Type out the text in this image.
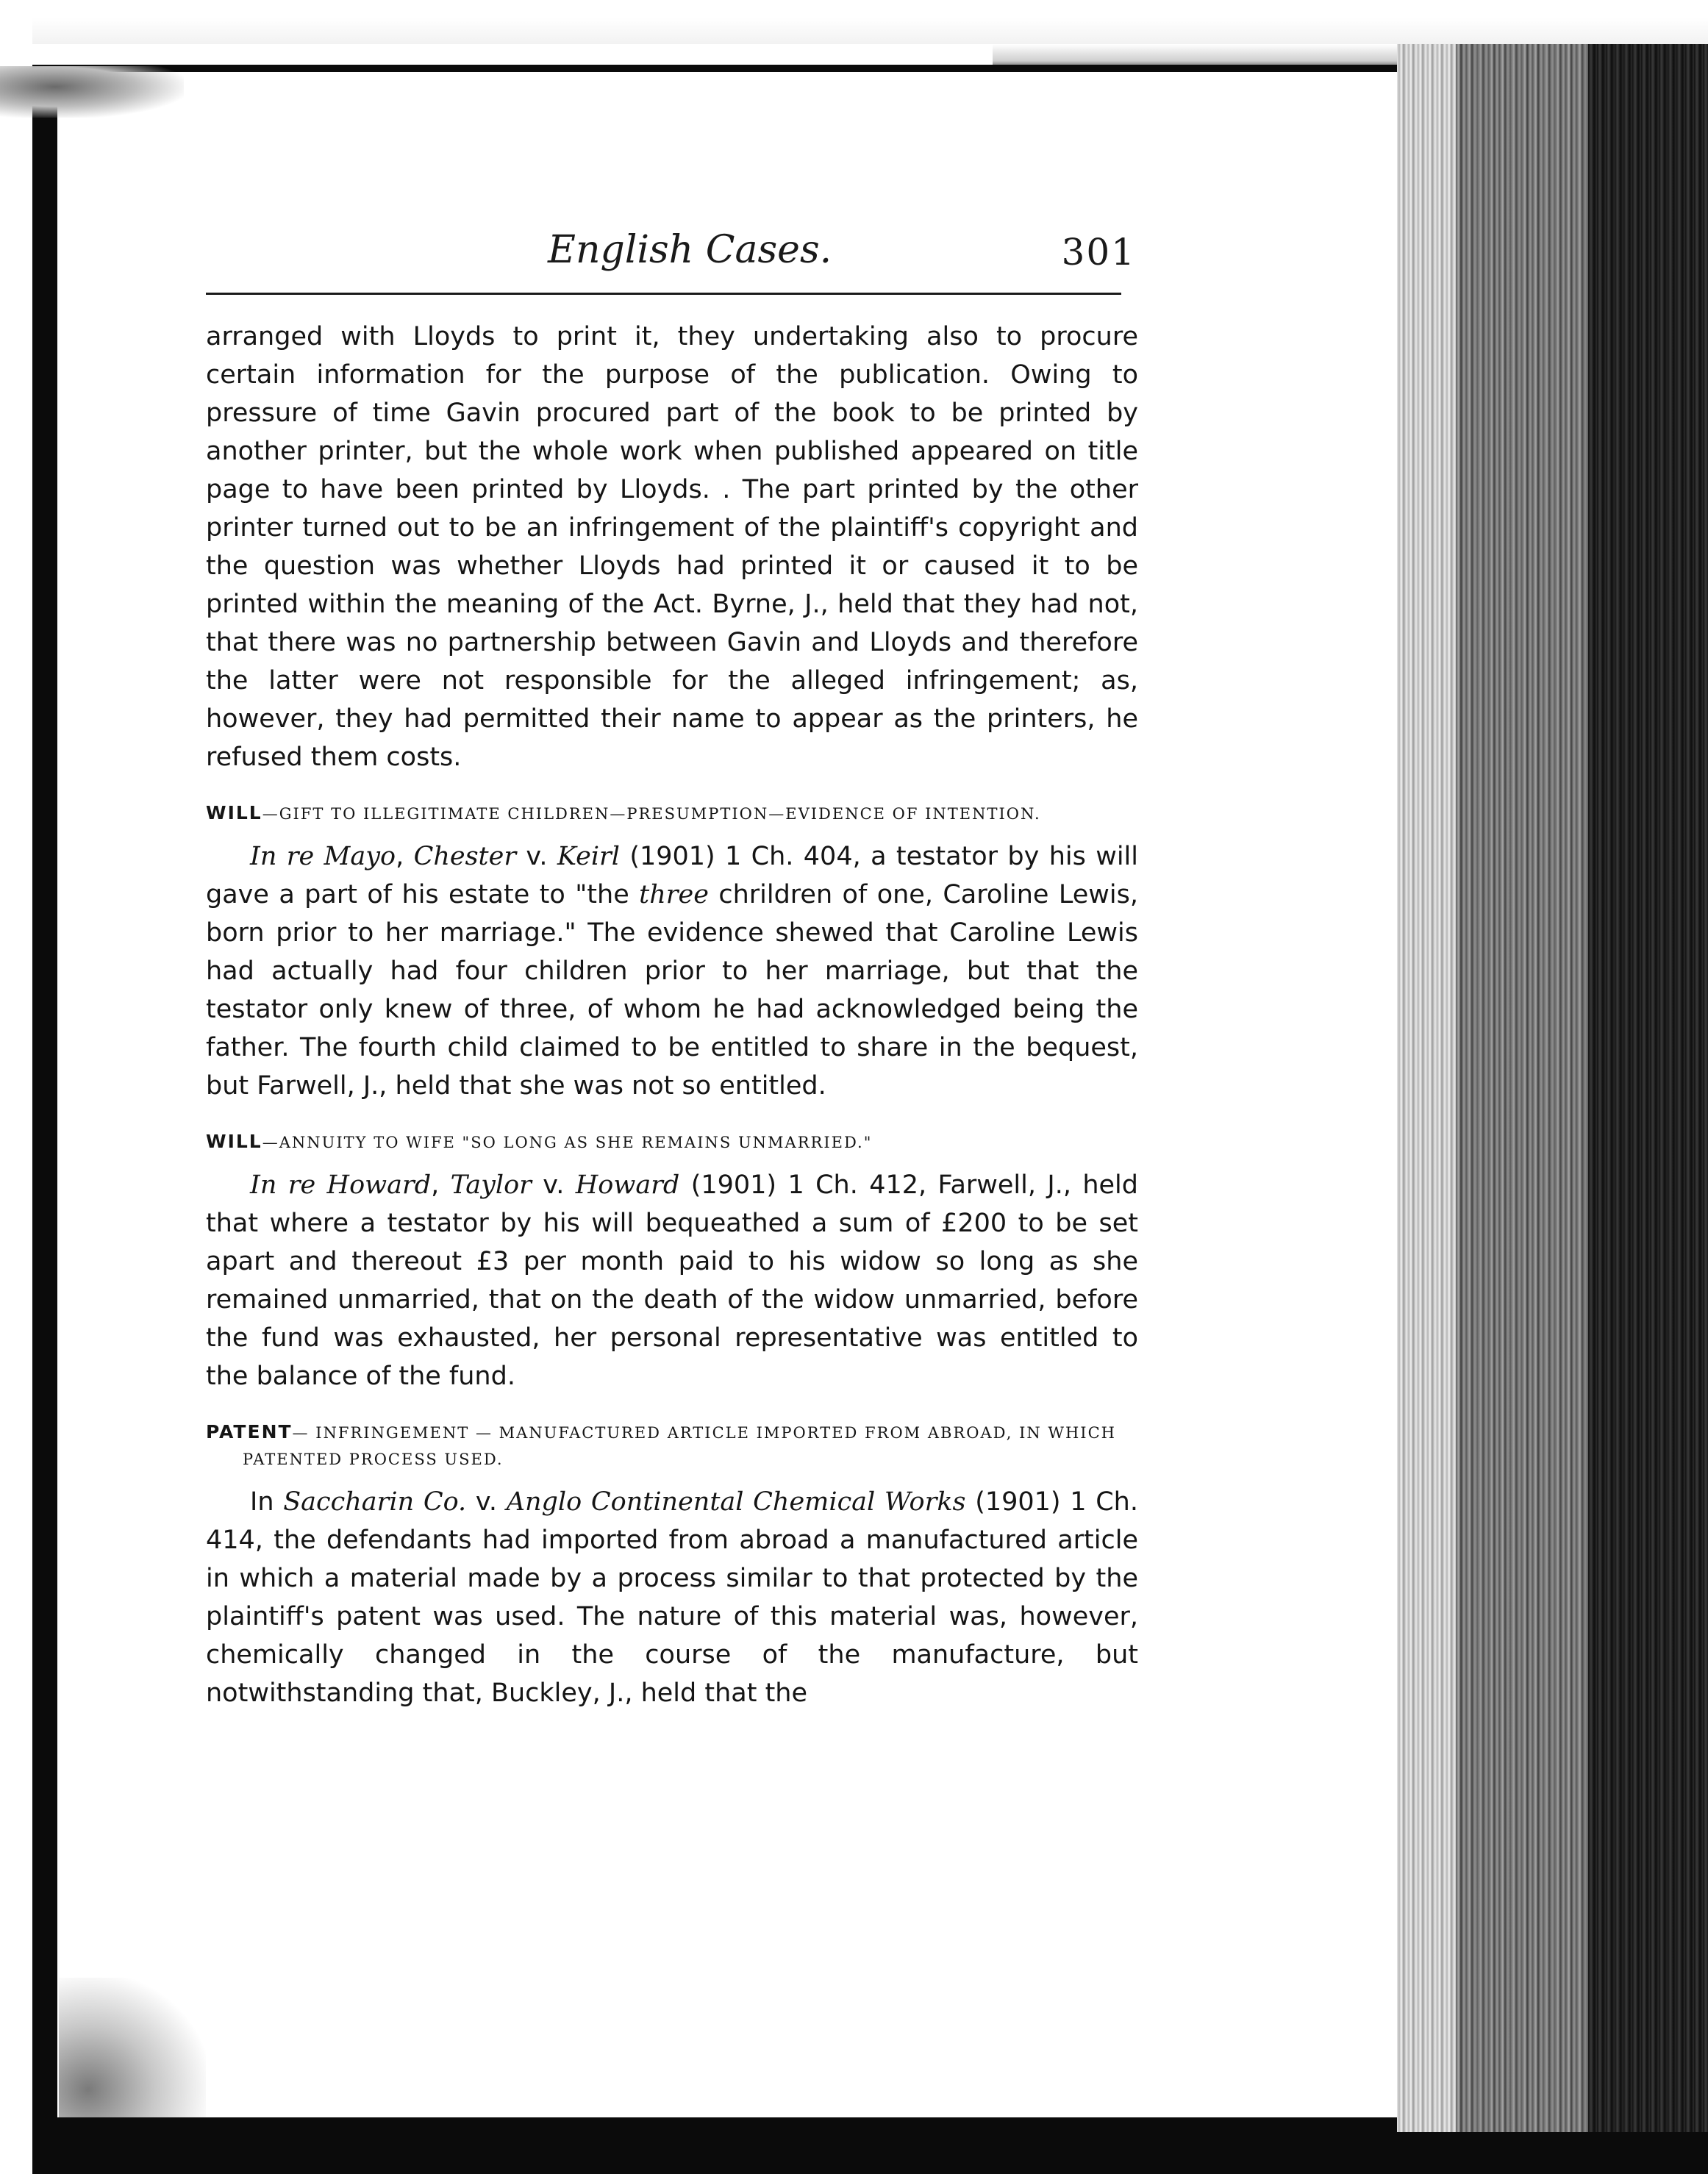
English Cases.	301

arranged with Lloyds to print it, they undertaking also to procure certain information for the purpose of the publication. Owing to pressure of time Gavin procured part of the book to be printed by another printer, but the whole work when published appeared on title page to have been printed by Lloyds. . The part printed by the other printer turned out to be an infringement of the plaintiff's copyright and the question was whether Lloyds had printed it or caused it to be printed within the meaning of the Act. Byrne, J., held that they had not, that there was no partnership between Gavin and Lloyds and therefore the latter were not responsible for the alleged infringement; as, however, they had permitted their name to appear as the printers, he refused them costs.

WILL—GIFT TO ILLEGITIMATE CHILDREN—PRESUMPTION—EVIDENCE OF INTENTION.

In re Mayo, Chester v. Keirl (1901) 1 Ch. 404, a testator by his will gave a part of his estate to "the three chrildren of one, Caroline Lewis, born prior to her marriage." The evidence shewed that Caroline Lewis had actually had four children prior to her marriage, but that the testator only knew of three, of whom he had acknowledged being the father. The fourth child claimed to be entitled to share in the bequest, but Farwell, J., held that she was not so entitled.

WILL—ANNUITY TO WIFE "SO LONG AS SHE REMAINS UNMARRIED."

In re Howard, Taylor v. Howard (1901) 1 Ch. 412, Farwell, J., held that where a testator by his will bequeathed a sum of £200 to be set apart and thereout £3 per month paid to his widow so long as she remained unmarried, that on the death of the widow unmarried, before the fund was exhausted, her personal representative was entitled to the balance of the fund.

PATENT— INFRINGEMENT — MANUFACTURED ARTICLE IMPORTED FROM ABROAD, IN WHICH PATENTED PROCESS USED.

In Saccharin Co. v. Anglo Continental Chemical Works (1901) 1 Ch. 414, the defendants had imported from abroad a manufactured article in which a material made by a process similar to that protected by the plaintiff's patent was used. The nature of this material was, however, chemically changed in the course of the manufacture, but notwithstanding that, Buckley, J., held that the
